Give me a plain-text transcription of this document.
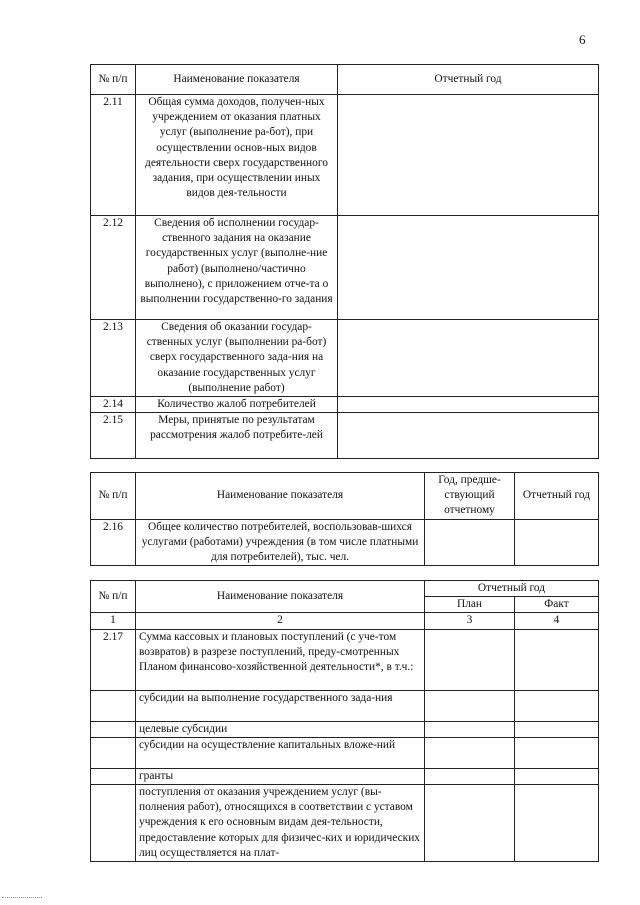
6
№ п/п	Наименование показателя	Отчетный год
2.11	Общая сумма доходов, получен-ных учреждением от оказания платных услуг (выполнение ра-бот), при осуществлении основ-ных видов деятельности сверх государственного задания, при осуществлении иных видов дея-тельности	
2.12	Сведения об исполнении государ-ственного задания на оказание государственных услуг (выполне-ние работ) (выполнено/частично выполнено), с приложением отче-та о выполнении государственно-го задания	
2.13	Сведения об оказании государ-ственных услуг (выполнении ра-бот) сверх государственного зада-ния на оказание государственных услуг (выполнение работ)	
2.14	Количество жалоб потребителей	
2.15	Меры, принятые по результатам рассмотрения жалоб потребите-лей	
№ п/п	Наименование показателя	Год, предше-ствующий отчетному	Отчетный год
2.16	Общее количество потребителей, воспользовав-шихся услугами (работами) учреждения (в том числе платными для потребителей), тыс. чел.		
№ п/п	Наименование показателя	Отчетный год	
		План	Факт
1	2	3	4
2.17	Сумма кассовых и плановых поступлений (с уче-том возвратов) в разрезе поступлений, преду-смотренных Планом финансово-хозяйственной деятельности*, в т.ч.:		
	субсидии на выполнение государственного зада-ния		
	целевые субсидии		
	субсидии на осуществление капитальных вложе-ний		
	гранты		
	поступления от оказания учреждением услуг (вы-полнения работ), относящихся в соответствии с уставом учреждения к его основным видам дея-тельности, предоставление которых для физичес-ких и юридических лиц осуществляется на плат-		
